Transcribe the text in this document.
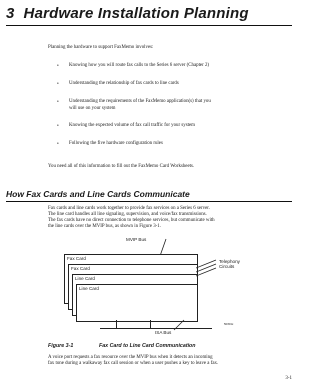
3 Hardware Installation Planning
Planning the hardware to support FaxMemo involves:
• Knowing how you will route fax calls to the Series 6 server (Chapter 2)
• Understanding the relationship of fax cards to line cards
• Understanding the requirements of the FaxMemo application(s) that you
will use on your system
• Knowing the expected volume of fax call traffic for your system
• Following the five hardware configuration rules
You need all of this information to fill out the FaxMemo Card Worksheets.
How Fax Cards and Line Cards Communicate
Fax cards and line cards work together to provide fax services on a Series 6 server.
The line card handles all line signaling, supervision, and voice/fax transmissions.
The fax cards have no direct connection to telephone services, but communicate with
the line cards over the MVIP bus, as shown in Figure 3-1.
MVIP Bus
Fax Card
Fax Card
Line Card
Line Card
Telephony
Circuits
ISA Bus
50XFH
Figure 3-1	Fax Card to Line Card Communication
A voice port requests a fax resource over the MVIP bus when it detects an incoming
fax tone during a walkaway fax call session or when a user pushes a key to leave a fax.
3-1
